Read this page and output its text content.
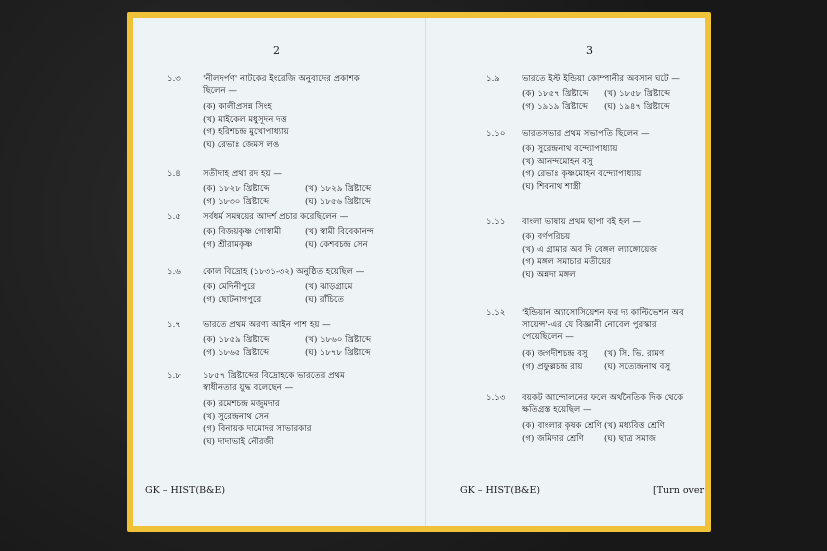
2
১.৩	'নীলদর্পণ' নাটকের ইংরেজি অনুবাদের প্রকাশক
ছিলেন —
(ক) কালীপ্রসন্ন সিংহ
(খ) মাইকেল মধুসূদন দত্ত
(গ) হরিশচন্দ্র মুখোপাধ্যায়
(ঘ) রেভাঃ জেমস লঙ
১.৪	সতীদাহ প্রথা রদ হয় —
(ক) ১৮২৮ খ্রিষ্টাব্দে	(খ) ১৮২৯ খ্রিষ্টাব্দে
(গ) ১৮৩০ খ্রিষ্টাব্দে	(ঘ) ১৮৫৬ খ্রিষ্টাব্দে
১.৫	সর্বধর্ম সমন্বয়ের আদর্শ প্রচার করেছিলেন —
(ক) বিজয়কৃষ্ণ গোস্বামী	(খ) স্বামী বিবেকানন্দ
(গ) শ্রীরামকৃষ্ণ	(ঘ) কেশবচন্দ্র সেন
১.৬	কোল বিদ্রোহ (১৮৩১-৩২) অনুষ্ঠিত হয়েছিল —
(ক) মেদিনীপুরে	(খ) ঝাড়গ্রামে
(গ) ছোটনাগপুরে	(ঘ) রাঁচিতে
১.৭	ভারতে প্রথম অরণ্য আইন পাশ হয় —
(ক) ১৮৫৯ খ্রিষ্টাব্দে	(খ) ১৮৬০ খ্রিষ্টাব্দে
(গ) ১৮৬৫ খ্রিষ্টাব্দে	(ঘ) ১৮৭৮ খ্রিষ্টাব্দে
১.৮	১৮৫৭ খ্রিষ্টাব্দের বিদ্রোহকে ভারতের প্রথম
স্বাধীনতার যুদ্ধ বলেছেন —
(ক) রমেশচন্দ্র মজুমদার
(খ) সুরেন্দ্রনাথ সেন
(গ) বিনায়ক দামোদর সাভারকার
(ঘ) দাদাভাই নৌরজী
GK – HIST(B&E)
3
১.৯	ভারতে ইস্ট ইন্ডিয়া কোম্পানীর অবসান ঘটে —
(ক) ১৮৫৭ খ্রিষ্টাব্দে (খ) ১৮৫৮ খ্রিষ্টাব্দে
(গ) ১৯১৯ খ্রিষ্টাব্দে (ঘ) ১৯৪৭ খ্রিষ্টাব্দে
১.১০	ভারতসভার প্রথম সভাপতি ছিলেন —
(ক) সুরেন্দ্রনাথ বন্দ্যোপাধ্যায়
(খ) আনন্দমোহন বসু
(গ) রেভাঃ কৃষ্ণমোহন বন্দ্যোপাধ্যায়
(ঘ) শিবনাথ শাস্ত্রী
১.১১	বাংলা ভাষায় প্রথম ছাপা বই হল —
(ক) বর্ণপরিচয়
(খ) এ গ্রামার অব দি বেঙ্গল ল্যাঙ্গোয়েজ
(গ) মঙ্গল সমাচার মতীয়ের
(ঘ) অন্নদা মঙ্গল
১.১২	'ইন্ডিয়ান অ্যাসোসিয়েশন ফর দ্য কাল্টিভেশন অব
সায়েন্স'-এর যে বিজ্ঞানী নোবেল পুরস্কার
পেয়েছিলেন —
(ক) জগদীশচন্দ্র বসু (খ) সি. ভি. রামণ
(গ) প্রফুল্লচন্দ্র রায়	(ঘ) সত্যেন্দ্রনাথ বসু
১.১৩	বয়কট আন্দোলনের ফলে অর্থনৈতিক দিক থেকে
ক্ষতিগ্রস্ত হয়েছিল —
(ক) বাংলার কৃষক শ্রেণি (খ) মধ্যবিত্ত শ্রেণি
(গ) জমিদার শ্রেণি (ঘ) ছাত্র সমাজ
GK – HIST(B&E)	[Turn over
